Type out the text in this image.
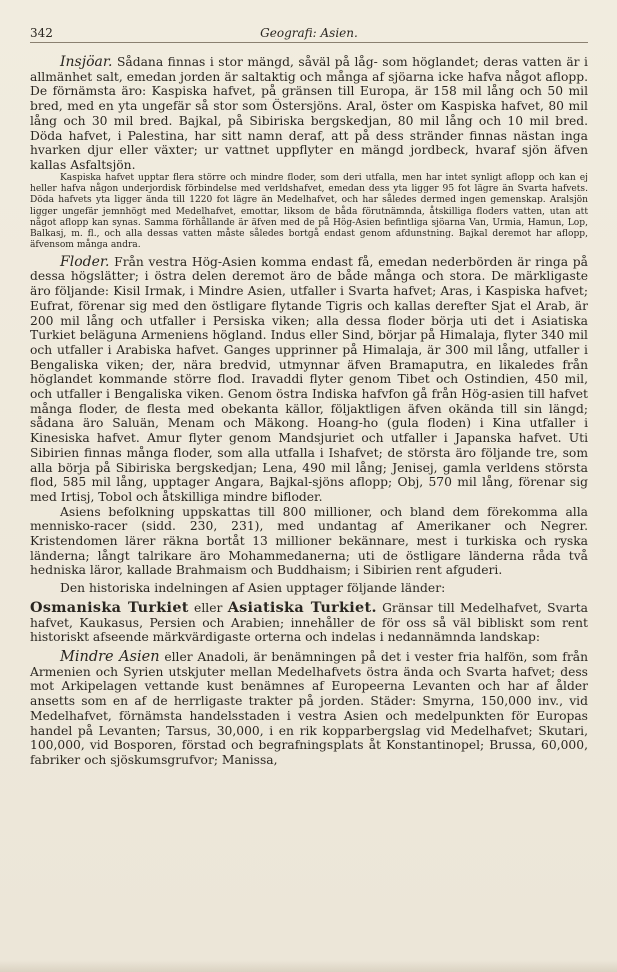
342	Geografi: Asien.

Insjöar. Sådana finnas i stor mängd, såväl på låg- som höglandet; deras vatten är i allmänhet salt, emedan jorden är saltaktig och många af sjöarna icke hafva något aflopp. De förnämsta äro: Kaspiska hafvet, på gränsen till Europa, är 158 mil lång och 50 mil bred, med en yta ungefär så stor som Östersjöns. Aral, öster om Kaspiska hafvet, 80 mil lång och 30 mil bred. Bajkal, på Sibiriska bergskedjan, 80 mil lång och 10 mil bred. Döda hafvet, i Palestina, har sitt namn deraf, att på dess stränder finnas nästan inga hvarken djur eller växter; ur vattnet uppflyter en mängd jordbeck, hvaraf sjön äfven kallas Asfaltsjön.

Kaspiska hafvet upptar flera större och mindre floder, som deri utfalla, men har intet synligt aflopp och kan ej heller hafva någon underjordisk förbindelse med verldshafvet, emedan dess yta ligger 95 fot lägre än Svarta hafvets. Döda hafvets yta ligger ända till 1220 fot lägre än Medelhafvet, och har således dermed ingen gemenskap. Aralsjön ligger ungefär jemnhögt med Medelhafvet, emottar, liksom de båda förutnämnda, åtskilliga floders vatten, utan att något aflopp kan synas. Samma förhållande är äfven med de på Hög-Asien befintliga sjöarna Van, Urmia, Hamun, Lop, Balkasj, m. fl., och alla dessas vatten måste således bortgå endast genom afdunstning. Bajkal deremot har aflopp, äfvensom många andra.

Floder. Från vestra Hög-Asien komma endast få, emedan nederbörden är ringa på dessa högslätter; i östra delen deremot äro de både många och stora. De märkligaste äro följande: Kisil Irmak, i Mindre Asien, utfaller i Svarta hafvet; Aras, i Kaspiska hafvet; Eufrat, förenar sig med den östligare flytande Tigris och kallas derefter Sjat el Arab, är 200 mil lång och utfaller i Persiska viken; alla dessa floder börja uti det i Asiatiska Turkiet beläguna Armeniens högland. Indus eller Sind, börjar på Himalaja, flyter 340 mil och utfaller i Arabiska hafvet. Ganges upprinner på Himalaja, är 300 mil lång, utfaller i Bengaliska viken; der, nära bredvid, utmynnar äfven Bramaputra, en likaledes från höglandet kommande större flod. Iravaddi flyter genom Tibet och Ostindien, 450 mil, och utfaller i Bengaliska viken. Genom östra Indiska hafvfon gå från Hög-asien till hafvet många floder, de flesta med obekanta källor, följaktligen äfven okända till sin längd; sådana äro Saluän, Menam och Mäkong. Hoang-ho (gula floden) i Kina utfaller i Kinesiska hafvet. Amur flyter genom Mandsjuriet och utfaller i Japanska hafvet. Uti Sibirien finnas många floder, som alla utfalla i Ishafvet; de största äro följande tre, som alla börja på Sibiriska bergskedjan; Lena, 490 mil lång; Jenisej, gamla verldens största flod, 585 mil lång, upptager Angara, Bajkal-sjöns aflopp; Obj, 570 mil lång, förenar sig med Irtisj, Tobol och åtskilliga mindre bifloder.

Asiens befolkning uppskattas till 800 millioner, och bland dem förekomma alla mennisko-racer (sidd. 230, 231), med undantag af Amerikaner och Negrer. Kristendomen lärer räkna bortåt 13 millioner bekännare, mest i turkiska och ryska länderna; långt talrikare äro Mohammedanerna; uti de östligare länderna råda två hedniska läror, kallade Brahmaism och Buddhaism; i Sibirien rent afguderi.

Den historiska indelningen af Asien upptager följande länder:

Osmaniska Turkiet eller Asiatiska Turkiet. Gränsar till Medelhafvet, Svarta hafvet, Kaukasus, Persien och Arabien; innehåller de för oss så väl bibliskt som rent historiskt afseende märkvärdigaste orterna och indelas i nedannämnda landskap:

Mindre Asien eller Anadoli, är benämningen på det i vester fria halfön, som från Armenien och Syrien utskjuter mellan Medelhafvets östra ända och Svarta hafvet; dess mot Arkipelagen vettande kust benämnes af Europeerna Levanten och har af ålder ansetts som en af de herrligaste trakter på jorden. Städer: Smyrna, 150,000 inv., vid Medelhafvet, förnämsta handelsstaden i vestra Asien och medelpunkten för Europas handel på Levanten; Tarsus, 30,000, i en rik kopparbergslag vid Medelhafvet; Skutari, 100,000, vid Bosporen, förstad och begrafningsplats åt Konstantinopel; Brussa, 60,000, fabriker och sjöskumsgrufvor; Manissa,
